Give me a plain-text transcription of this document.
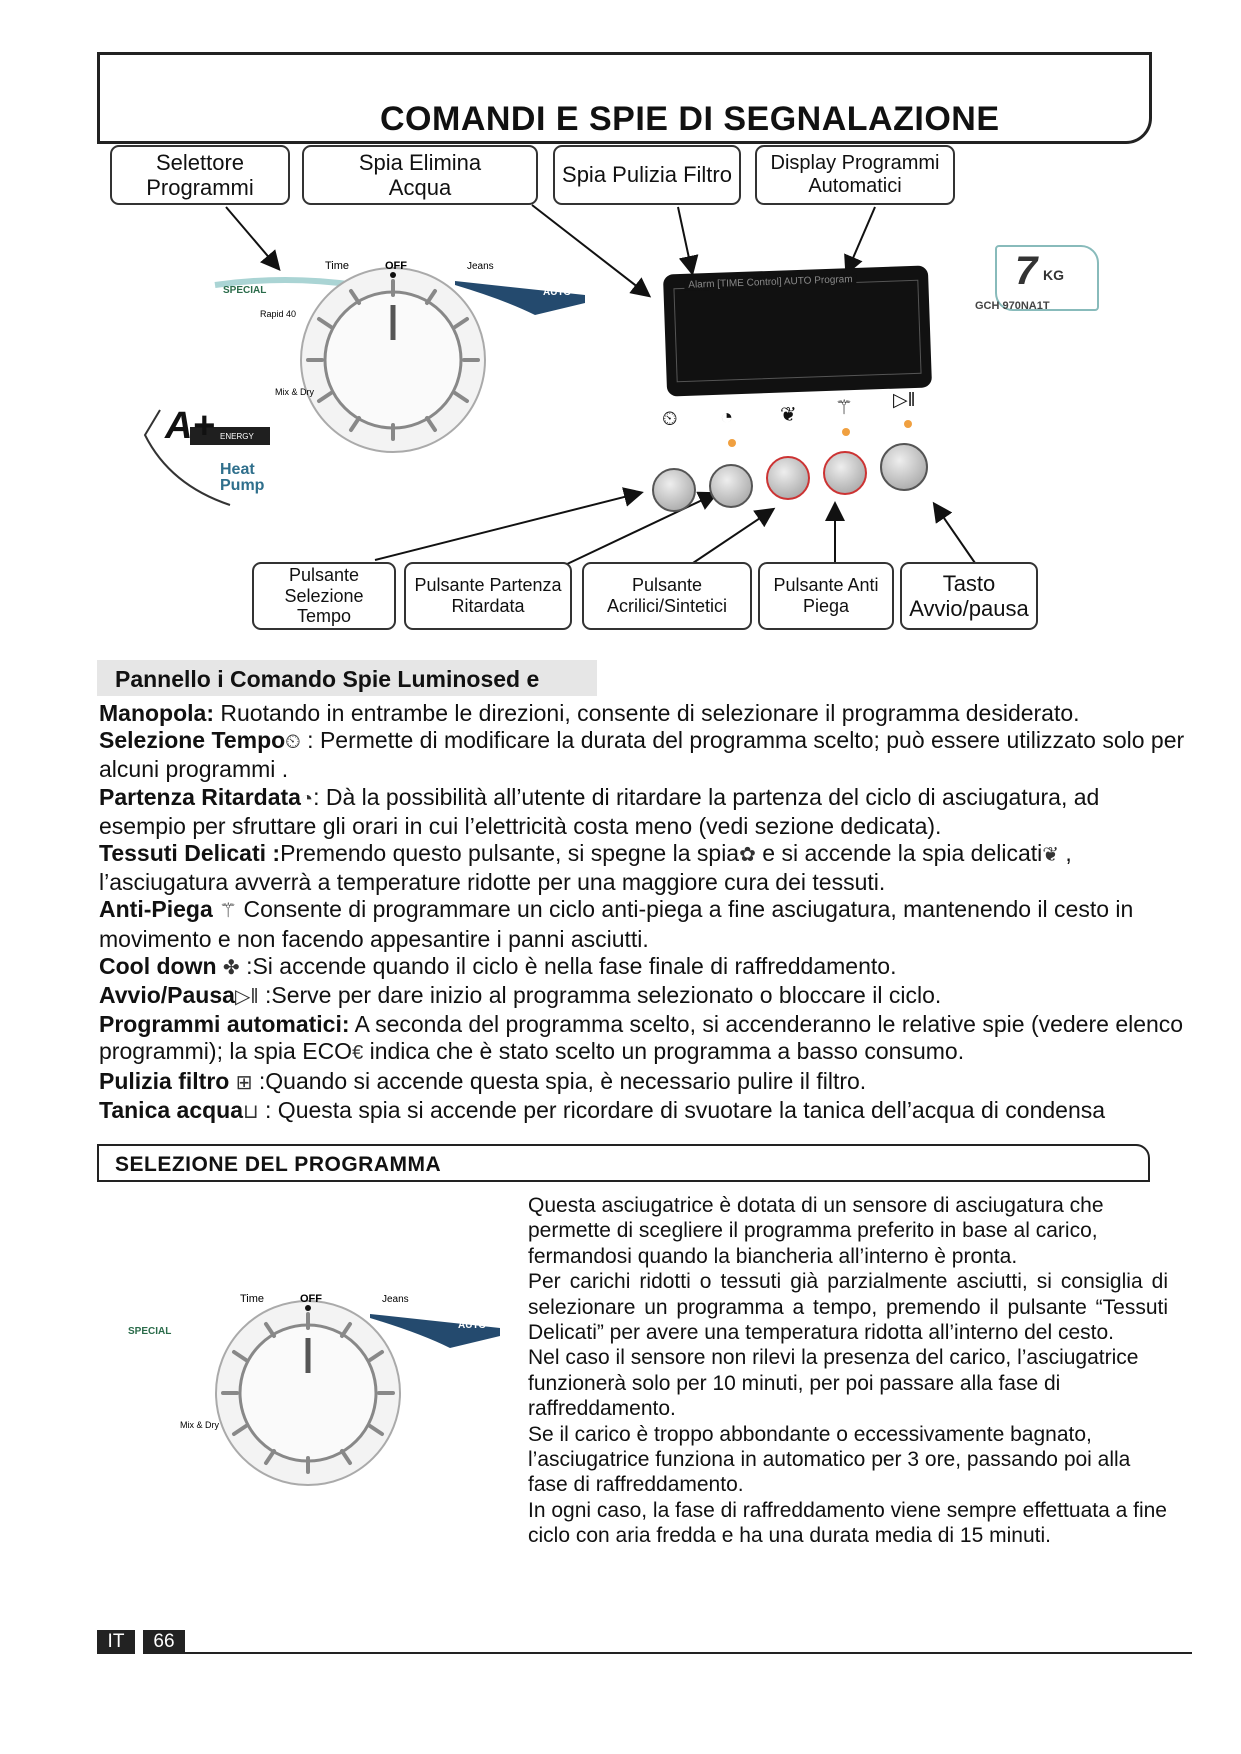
COMANDI E SPIE DI SEGNALAZIONE
Selettore
Programmi
Spia Elimina
Acqua
Spia Pulizia Filtro Display Programmi
Automatici
Time	OFF	Jeans
SPECIAL	AUTO
Rapid 40
Mix & Dry
A+ ENERGY
Heat
Pump
Alarm [TIME Control] AUTO Program	7 KG
GCH 970NA1T
⏲ ◔ ❦ ⚚ ▷‖
Pulsante
Selezione
Tempo
Pulsante Partenza
Ritardata
Pulsante
Acrilici/Sintetici
Pulsante Anti
Piega
Tasto
Avvio/pausa
Pannello i Comando Spie Luminosed e

Manopola: Ruotando in entrambe le direzioni, consente di selezionare il programma desiderato.

Selezione Tempo⏲ : Permette di modificare la durata del programma scelto; può essere utilizzato solo per alcuni programmi .

Partenza Ritardata◔: Dà la possibilità all’utente di ritardare la partenza del ciclo di asciugatura, ad esempio per sfruttare gli orari in cui l’elettricità costa meno (vedi sezione dedicata).

Tessuti Delicati :Premendo questo pulsante, si spegne la spia✿ e si accende la spia delicati❦ , l’asciugatura avverrà a temperature ridotte per una maggiore cura dei tessuti.

Anti-Piega ⚚ Consente di programmare un ciclo anti-piega a fine asciugatura, mantenendo il cesto in movimento e non facendo appesantire i panni asciutti.

Cool down ✤ :Si accende quando il ciclo è nella fase finale di raffreddamento.

Avvio/Pausa▷‖ :Serve per dare inizio al programma selezionato o bloccare il ciclo.

Programmi automatici: A seconda del programma scelto, si accenderanno le relative spie (vedere elenco programmi); la spia ECO€ indica che è stato scelto un programma a basso consumo.

Pulizia filtro ⊞ :Quando si accende questa spia, è necessario pulire il filtro.

Tanica acqua⊔ : Questa spia si accende per ricordare di svuotare la tanica dell’acqua di condensa

SELEZIONE DEL PROGRAMMA
Time	OFF	Jeans
SPECIAL
AUTO
Mix & Dry

Questa asciugatrice è dotata di un sensore di asciugatura che permette di scegliere il programma preferito in base al carico, fermandosi quando la biancheria all’interno è pronta.

Per carichi ridotti o tessuti già parzialmente asciutti, si consiglia di selezionare un programma a tempo, premendo il pulsante “Tessuti Delicati” per avere una temperatura ridotta all’interno del cesto.

Nel caso il sensore non rilevi la presenza del carico, l’asciugatrice funzionerà solo per 10 minuti, per poi passare alla fase di raffreddamento.

Se il carico è troppo abbondante o eccessivamente bagnato, l’asciugatrice funziona in automatico per 3 ore, passando poi alla fase di raffreddamento.

In ogni caso, la fase di raffreddamento viene sempre effettuata a fine ciclo con aria fredda e ha una durata media di 15 minuti.

IT	66
